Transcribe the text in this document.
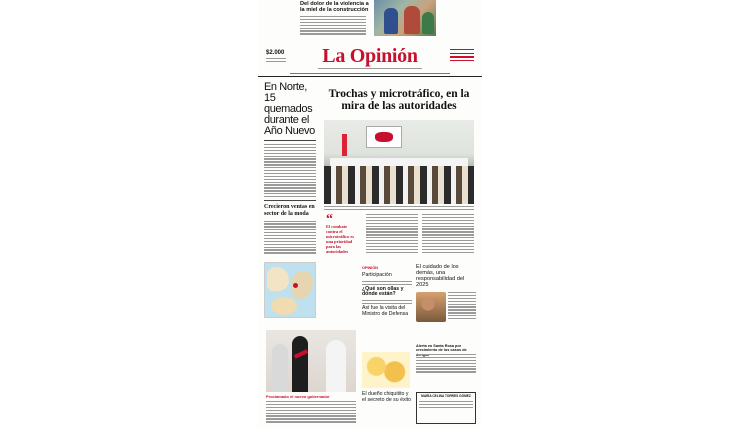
Del dolor de la violencia a la miel de la construcción
$2.000	La Opinión
En Norte, 15 quemados durante el Año Nuevo
Crecieron ventas en sector de la moda
Trochas y microtráfico, en la mira de las autoridades
“
El combate contra el microtráfico es una prioridad para las autoridades
Proclamado el nuevo gobernador
OPINIÓN
Participación
¿Qué son ollas y dónde están?
Así fue la visita del Ministro de Defensa
El dueño chiquitito y el secreto de su éxito
El cuidado de los demás, una responsabilidad del 2025
Alerta en Santa Rosa por crecimiento de los casos de
MARÍA CELINA TORRES GÓMEZ
